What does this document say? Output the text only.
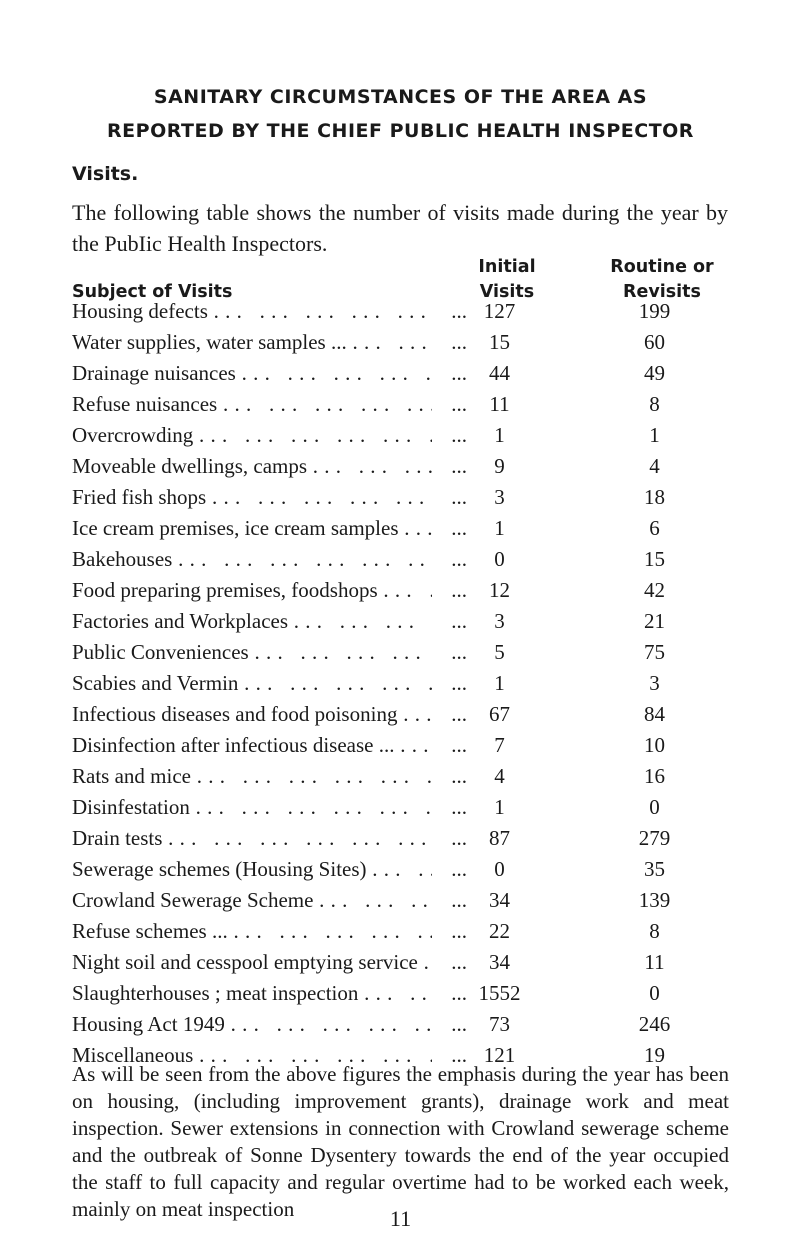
SANITARY CIRCUMSTANCES OF THE AREA AS
REPORTED BY THE CHIEF PUBLIC HEALTH INSPECTOR
Visits.

The following table shows the number of visits made during the year by the PubIic Health Inspectors.

Subject of Visits
Initial
Visits
Routine or
Revisits
Housing defects . . .	... 127	199
Water supplies, water samples ... . . .	...	15	60
Drainage nuisances . . .	...	44	49
Refuse nuisances . . .	...	11	8
Overcrowding . . .	...	1	1
Moveable dwellings, camps . . .	...	9	4
Fried fish shops . . .	...	3	18
Ice cream premises, ice cream samples . . .	...	1	6
Bakehouses . . .	...	0	15
Food preparing premises, foodshops . . .	...	12	42
Factories and Workplaces . . .	...	3	21
Public Conveniences . . .	...	5	75
Scabies and Vermin . . .	...	1	3
Infectious diseases and food poisoning . . .	...	67	84
Disinfection after infectious disease ... . . .	...	7	10
Rats and mice . . .	...	4	16
Disinfestation . . .	...	1	0
Drain tests . . .	...	87	279
Sewerage schemes (Housing Sites) . . .	...	0	35
Crowland Sewerage Scheme . . .	...	34	139
Refuse schemes ... . . .	...	22	8
Night soil and cesspool emptying service . . .	...	34	11
Slaughterhouses ; meat inspection . . .	... 1552	0
Housing Act 1949 . . .	...	73	246
Miscellaneous . . .	... 121	19

As will be seen from the above figures the emphasis during the year has been on housing, (including improvement grants), drainage work and meat inspection. Sewer extensions in connection with Crowland sewerage scheme and the outbreak of Sonne Dysentery towards the end of the year occupied the staff to full capacity and regular overtime had to be worked each week, mainly on meat inspection	11
